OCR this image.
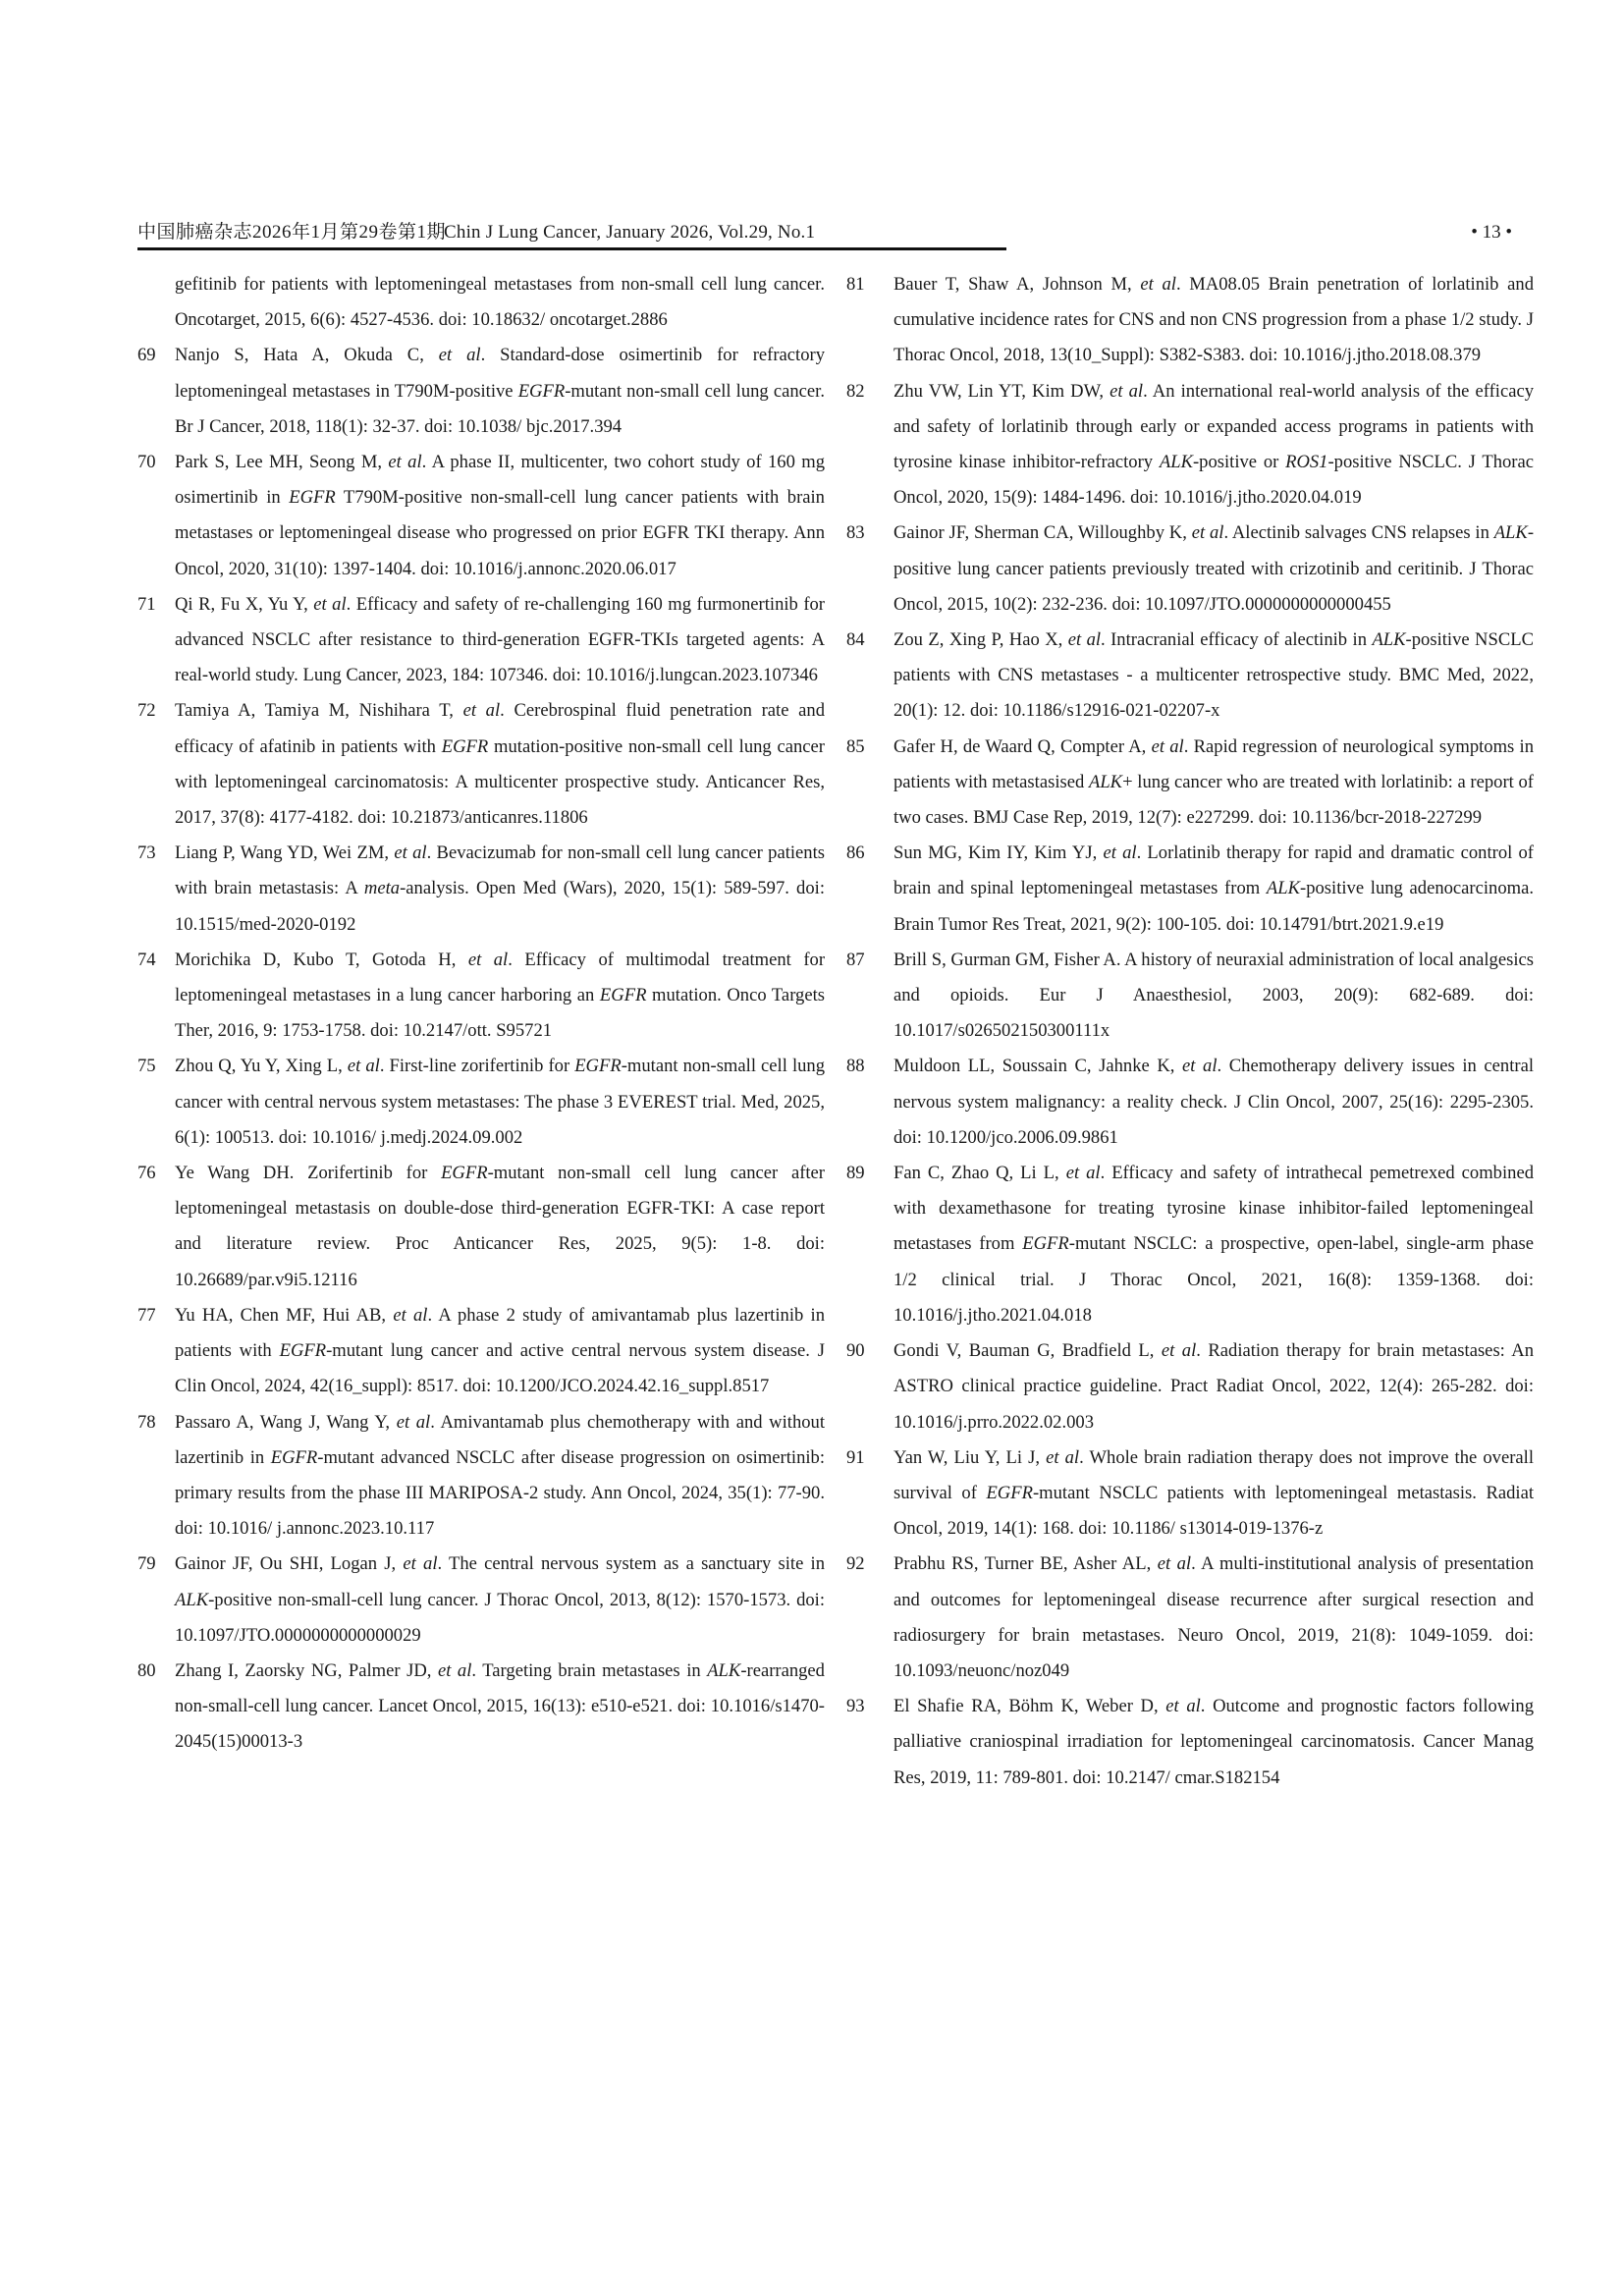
中国肺癌杂志2026年1月第29卷第1期
Chin J Lung Cancer, January 2026, Vol.29, No.1	• 13 •
gefitinib for patients with leptomeningeal metastases from non-small cell lung cancer. Oncotarget, 2015, 6(6): 4527-4536. doi: 10.18632/ oncotarget.2886
69 Nanjo S, Hata A, Okuda C, et al. Standard-dose osimertinib for refractory leptomeningeal metastases in T790M-positive EGFR-mutant non-small cell lung cancer. Br J Cancer, 2018, 118(1): 32-37. doi: 10.1038/ bjc.2017.394
70 Park S, Lee MH, Seong M, et al. A phase II, multicenter, two cohort study of 160 mg osimertinib in EGFR T790M-positive non-small-cell lung cancer patients with brain metastases or leptomeningeal disease who progressed on prior EGFR TKI therapy. Ann Oncol, 2020, 31(10): 1397-1404. doi: 10.1016/j.annonc.2020.06.017
71 Qi R, Fu X, Yu Y, et al. Efficacy and safety of re-challenging 160 mg furmonertinib for advanced NSCLC after resistance to third-generation EGFR-TKIs targeted agents: A real-world study. Lung Cancer, 2023, 184: 107346. doi: 10.1016/j.lungcan.2023.107346
72 Tamiya A, Tamiya M, Nishihara T, et al. Cerebrospinal fluid penetration rate and efficacy of afatinib in patients with EGFR mutation-positive non-small cell lung cancer with leptomeningeal carcinomatosis: A multicenter prospective study. Anticancer Res, 2017, 37(8): 4177-4182. doi: 10.21873/anticanres.11806
73 Liang P, Wang YD, Wei ZM, et al. Bevacizumab for non-small cell lung cancer patients with brain metastasis: A meta-analysis. Open Med (Wars), 2020, 15(1): 589-597. doi: 10.1515/med-2020-0192
74 Morichika D, Kubo T, Gotoda H, et al. Efficacy of multimodal treatment for leptomeningeal metastases in a lung cancer harboring an EGFR mutation. Onco Targets Ther, 2016, 9: 1753-1758. doi: 10.2147/ott. S95721
75 Zhou Q, Yu Y, Xing L, et al. First-line zorifertinib for EGFR-mutant non-small cell lung cancer with central nervous system metastases: The phase 3 EVEREST trial. Med, 2025, 6(1): 100513. doi: 10.1016/ j.medj.2024.09.002
76 Ye Wang DH. Zorifertinib for EGFR-mutant non-small cell lung cancer after leptomeningeal metastasis on double-dose third-generation EGFR-TKI: A case report and literature review. Proc Anticancer Res, 2025, 9(5): 1-8. doi: 10.26689/par.v9i5.12116
77 Yu HA, Chen MF, Hui AB, et al. A phase 2 study of amivantamab plus lazertinib in patients with EGFR-mutant lung cancer and active central nervous system disease. J Clin Oncol, 2024, 42(16_suppl): 8517. doi: 10.1200/JCO.2024.42.16_suppl.8517
78 Passaro A, Wang J, Wang Y, et al. Amivantamab plus chemotherapy with and without lazertinib in EGFR-mutant advanced NSCLC after disease progression on osimertinib: primary results from the phase III MARIPOSA-2 study. Ann Oncol, 2024, 35(1): 77-90. doi: 10.1016/ j.annonc.2023.10.117
79 Gainor JF, Ou SHI, Logan J, et al. The central nervous system as a sanctuary site in ALK-positive non-small-cell lung cancer. J Thorac Oncol, 2013, 8(12): 1570-1573. doi: 10.1097/JTO.0000000000000029
80 Zhang I, Zaorsky NG, Palmer JD, et al. Targeting brain metastases in ALK-rearranged non-small-cell lung cancer. Lancet Oncol, 2015, 16(13): e510-e521. doi: 10.1016/s1470-2045(15)00013-3
81 Bauer T, Shaw A, Johnson M, et al. MA08.05 Brain penetration of lorlatinib and cumulative incidence rates for CNS and non CNS progression from a phase 1/2 study. J Thorac Oncol, 2018, 13(10_Suppl): S382-S383. doi: 10.1016/j.jtho.2018.08.379
82 Zhu VW, Lin YT, Kim DW, et al. An international real-world analysis of the efficacy and safety of lorlatinib through early or expanded access programs in patients with tyrosine kinase inhibitor-refractory ALK-positive or ROS1-positive NSCLC. J Thorac Oncol, 2020, 15(9): 1484-1496. doi: 10.1016/j.jtho.2020.04.019
83 Gainor JF, Sherman CA, Willoughby K, et al. Alectinib salvages CNS relapses in ALK-positive lung cancer patients previously treated with crizotinib and ceritinib. J Thorac Oncol, 2015, 10(2): 232-236. doi: 10.1097/JTO.0000000000000455
84 Zou Z, Xing P, Hao X, et al. Intracranial efficacy of alectinib in ALK-positive NSCLC patients with CNS metastases - a multicenter retrospective study. BMC Med, 2022, 20(1): 12. doi: 10.1186/s12916-021-02207-x
85 Gafer H, de Waard Q, Compter A, et al. Rapid regression of neurological symptoms in patients with metastasised ALK+ lung cancer who are treated with lorlatinib: a report of two cases. BMJ Case Rep, 2019, 12(7): e227299. doi: 10.1136/bcr-2018-227299
86 Sun MG, Kim IY, Kim YJ, et al. Lorlatinib therapy for rapid and dramatic control of brain and spinal leptomeningeal metastases from ALK-positive lung adenocarcinoma. Brain Tumor Res Treat, 2021, 9(2): 100-105. doi: 10.14791/btrt.2021.9.e19
87 Brill S, Gurman GM, Fisher A. A history of neuraxial administration of local analgesics and opioids. Eur J Anaesthesiol, 2003, 20(9): 682-689. doi: 10.1017/s026502150300111x
88 Muldoon LL, Soussain C, Jahnke K, et al. Chemotherapy delivery issues in central nervous system malignancy: a reality check. J Clin Oncol, 2007, 25(16): 2295-2305. doi: 10.1200/jco.2006.09.9861
89 Fan C, Zhao Q, Li L, et al. Efficacy and safety of intrathecal pemetrexed combined with dexamethasone for treating tyrosine kinase inhibitor-failed leptomeningeal metastases from EGFR-mutant NSCLC: a prospective, open-label, single-arm phase 1/2 clinical trial. J Thorac Oncol, 2021, 16(8): 1359-1368. doi: 10.1016/j.jtho.2021.04.018
90 Gondi V, Bauman G, Bradfield L, et al. Radiation therapy for brain metastases: An ASTRO clinical practice guideline. Pract Radiat Oncol, 2022, 12(4): 265-282. doi: 10.1016/j.prro.2022.02.003
91 Yan W, Liu Y, Li J, et al. Whole brain radiation therapy does not improve the overall survival of EGFR-mutant NSCLC patients with leptomeningeal metastasis. Radiat Oncol, 2019, 14(1): 168. doi: 10.1186/ s13014-019-1376-z
92 Prabhu RS, Turner BE, Asher AL, et al. A multi-institutional analysis of presentation and outcomes for leptomeningeal disease recurrence after surgical resection and radiosurgery for brain metastases. Neuro Oncol, 2019, 21(8): 1049-1059. doi: 10.1093/neuonc/noz049
93 El Shafie RA, Böhm K, Weber D, et al. Outcome and prognostic factors following palliative craniospinal irradiation for leptomeningeal carcinomatosis. Cancer Manag Res, 2019, 11: 789-801. doi: 10.2147/ cmar.S182154
